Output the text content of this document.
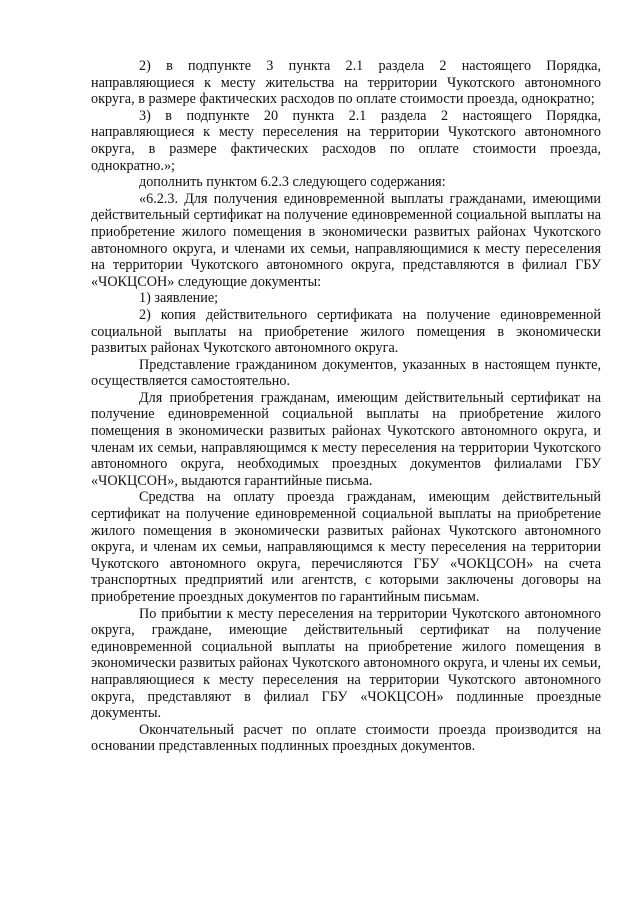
2) в подпункте 3 пункта 2.1 раздела 2 настоящего Порядка, направляющиеся к месту жительства на территории Чукотского автономного округа, в размере фактических расходов по оплате стоимости проезда, однократно;

3) в подпункте 20 пункта 2.1 раздела 2 настоящего Порядка, направляющиеся к месту переселения на территории Чукотского автономного округа, в размере фактических расходов по оплате стоимости проезда, однократно.»;

дополнить пунктом 6.2.3 следующего содержания:

«6.2.3. Для получения единовременной выплаты гражданами, имеющими действительный сертификат на получение единовременной социальной выплаты на приобретение жилого помещения в экономически развитых районах Чукотского автономного округа, и членами их семьи, направляющимися к месту переселения на территории Чукотского автономного округа, представляются в филиал ГБУ «ЧОКЦСОН» следующие документы:

1) заявление;

2) копия действительного сертификата на получение единовременной социальной выплаты на приобретение жилого помещения в экономически развитых районах Чукотского автономного округа.

Представление гражданином документов, указанных в настоящем пункте, осуществляется самостоятельно.

Для приобретения гражданам, имеющим действительный сертификат на получение единовременной социальной выплаты на приобретение жилого помещения в экономически развитых районах Чукотского автономного округа, и членам их семьи, направляющимся к месту переселения на территории Чукотского автономного округа, необходимых проездных документов филиалами ГБУ «ЧОКЦСОН», выдаются гарантийные письма.

Средства на оплату проезда гражданам, имеющим действительный сертификат на получение единовременной социальной выплаты на приобретение жилого помещения в экономически развитых районах Чукотского автономного округа, и членам их семьи, направляющимся к месту переселения на территории Чукотского автономного округа, перечисляются ГБУ «ЧОКЦСОН» на счета транспортных предприятий или агентств, с которыми заключены договоры на приобретение проездных документов по гарантийным письмам.

По прибытии к месту переселения на территории Чукотского автономного округа, граждане, имеющие действительный сертификат на получение единовременной социальной выплаты на приобретение жилого помещения в экономически развитых районах Чукотского автономного округа, и члены их семьи, направляющиеся к месту переселения на территории Чукотского автономного округа, представляют в филиал ГБУ «ЧОКЦСОН» подлинные проездные документы.

Окончательный расчет по оплате стоимости проезда производится на основании представленных подлинных проездных документов.
